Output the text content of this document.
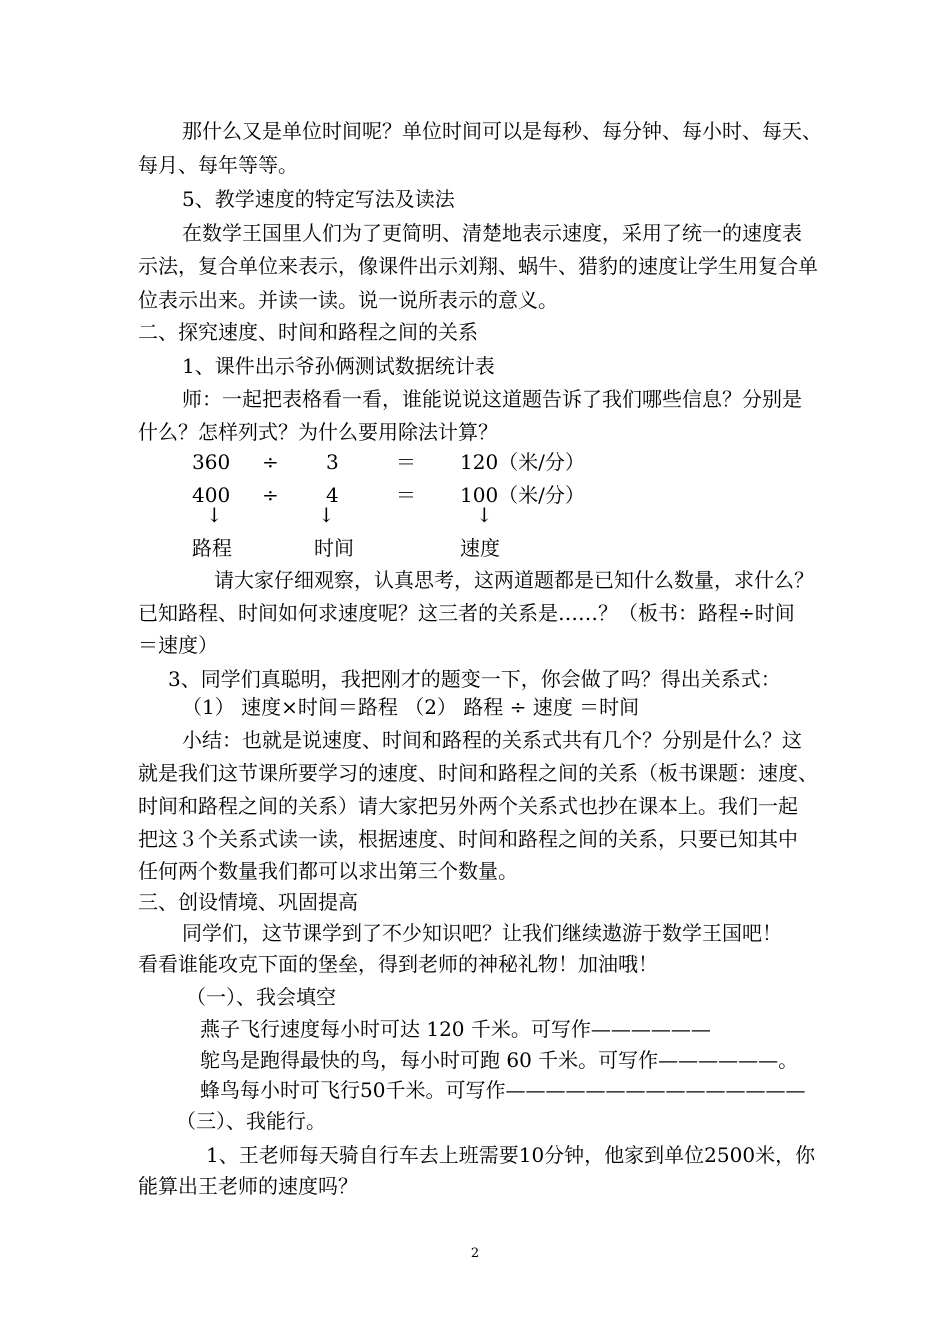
那什么又是单位时间呢？单位时间可以是每秒、每分钟、每小时、每天、
每月、每年等等。
5、教学速度的特定写法及读法
在数学王国里人们为了更简明、清楚地表示速度，采用了统一的速度表
示法，复合单位来表示，像课件出示刘翔、蜗牛、猎豹的速度让学生用复合单
位表示出来。并读一读。说一说所表示的意义。
二、探究速度、时间和路程之间的关系
1、课件出示爷孙俩测试数据统计表
师：一起把表格看一看，谁能说说这道题告诉了我们哪些信息？分别是
什么？怎样列式？为什么要用除法计算？
360 ÷ 3	＝ 120（米/分）
400 ÷ 4	＝ 100（米/分）
↓	↓	↓
路程	时间	速度
请大家仔细观察，认真思考，这两道题都是已知什么数量，求什么？
已知路程、时间如何求速度呢？这三者的关系是……？（板书：路程÷时间
＝速度）
3、同学们真聪明，我把刚才的题变一下，你会做了吗？得出关系式：
（1） 速度×时间＝路程 （2） 路程 ÷ 速度 ＝时间
小结：也就是说速度、时间和路程的关系式共有几个？分别是什么？这
就是我们这节课所要学习的速度、时间和路程之间的关系（板书课题：速度、
时间和路程之间的关系）请大家把另外两个关系式也抄在课本上。我们一起
把这３个关系式读一读，根据速度、时间和路程之间的关系，只要已知其中
任何两个数量我们都可以求出第三个数量。
三、创设情境、巩固提高
同学们，这节课学到了不少知识吧？让我们继续遨游于数学王国吧！
看看谁能攻克下面的堡垒，得到老师的神秘礼物！加油哦！
（一）、我会填空
燕子飞行速度每小时可达 120 千米。可写作——————
鸵鸟是跑得最快的鸟，每小时可跑 60 千米。可写作——————。
蜂鸟每小时可飞行50千米。可写作———————————————
（三）、我能行。
1、王老师每天骑自行车去上班需要10分钟，他家到单位2500米，你
能算出王老师的速度吗？
2
